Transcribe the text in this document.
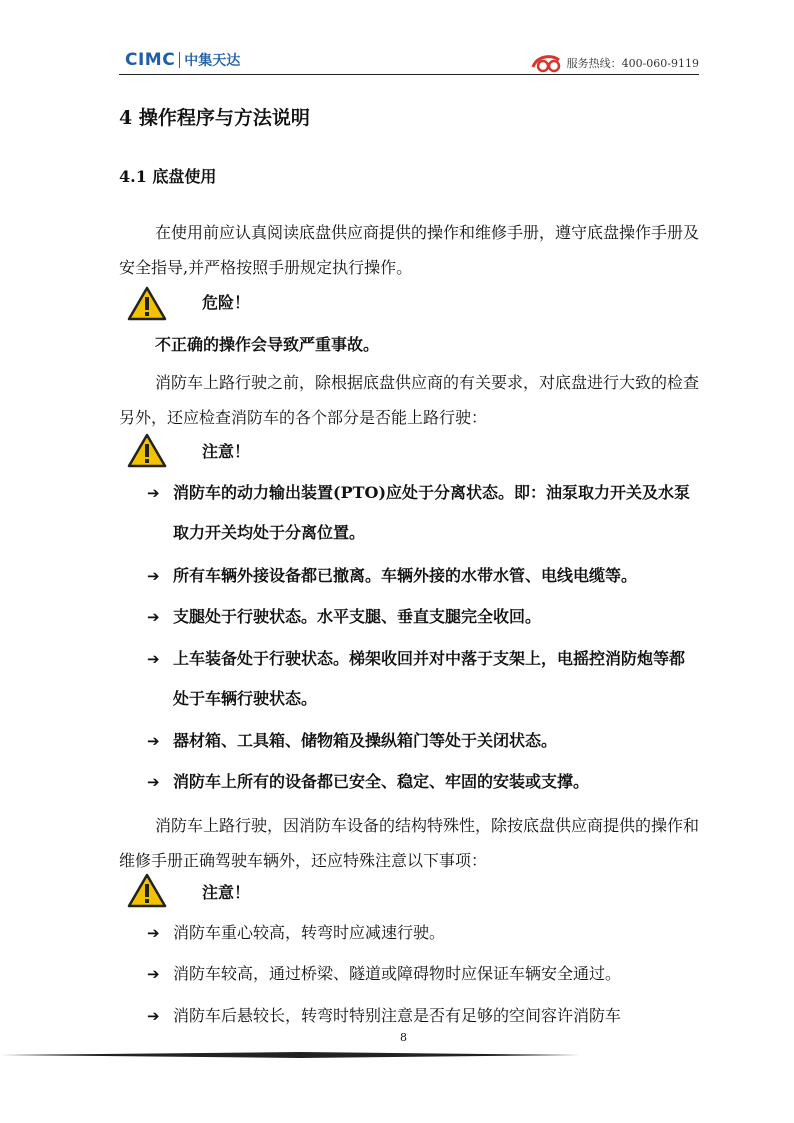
CIMC 中集天达	服务热线：400-060-9119
4 操作程序与方法说明
4.1 底盘使用
在使用前应认真阅读底盘供应商提供的操作和维修手册，遵守底盘操作手册及安全指导,并严格按照手册规定执行操作。
危险！
不正确的操作会导致严重事故。
消防车上路行驶之前，除根据底盘供应商的有关要求，对底盘进行大致的检查另外，还应检查消防车的各个部分是否能上路行驶：
注意！
➔ 消防车的动力输出装置(PTO)应处于分离状态。即：油泵取力开关及水泵取力开关均处于分离位置。
➔ 所有车辆外接设备都已撤离。车辆外接的水带水管、电线电缆等。
➔ 支腿处于行驶状态。水平支腿、垂直支腿完全收回。
➔ 上车装备处于行驶状态。梯架收回并对中落于支架上，电摇控消防炮等都处于车辆行驶状态。
➔ 器材箱、工具箱、储物箱及操纵箱门等处于关闭状态。
➔ 消防车上所有的设备都已安全、稳定、牢固的安装或支撑。
消防车上路行驶，因消防车设备的结构特殊性，除按底盘供应商提供的操作和维修手册正确驾驶车辆外，还应特殊注意以下事项：
注意！
➔ 消防车重心较高，转弯时应减速行驶。
➔ 消防车较高，通过桥梁、隧道或障碍物时应保证车辆安全通过。
➔ 消防车后悬较长，转弯时特别注意是否有足够的空间容许消防车
8
